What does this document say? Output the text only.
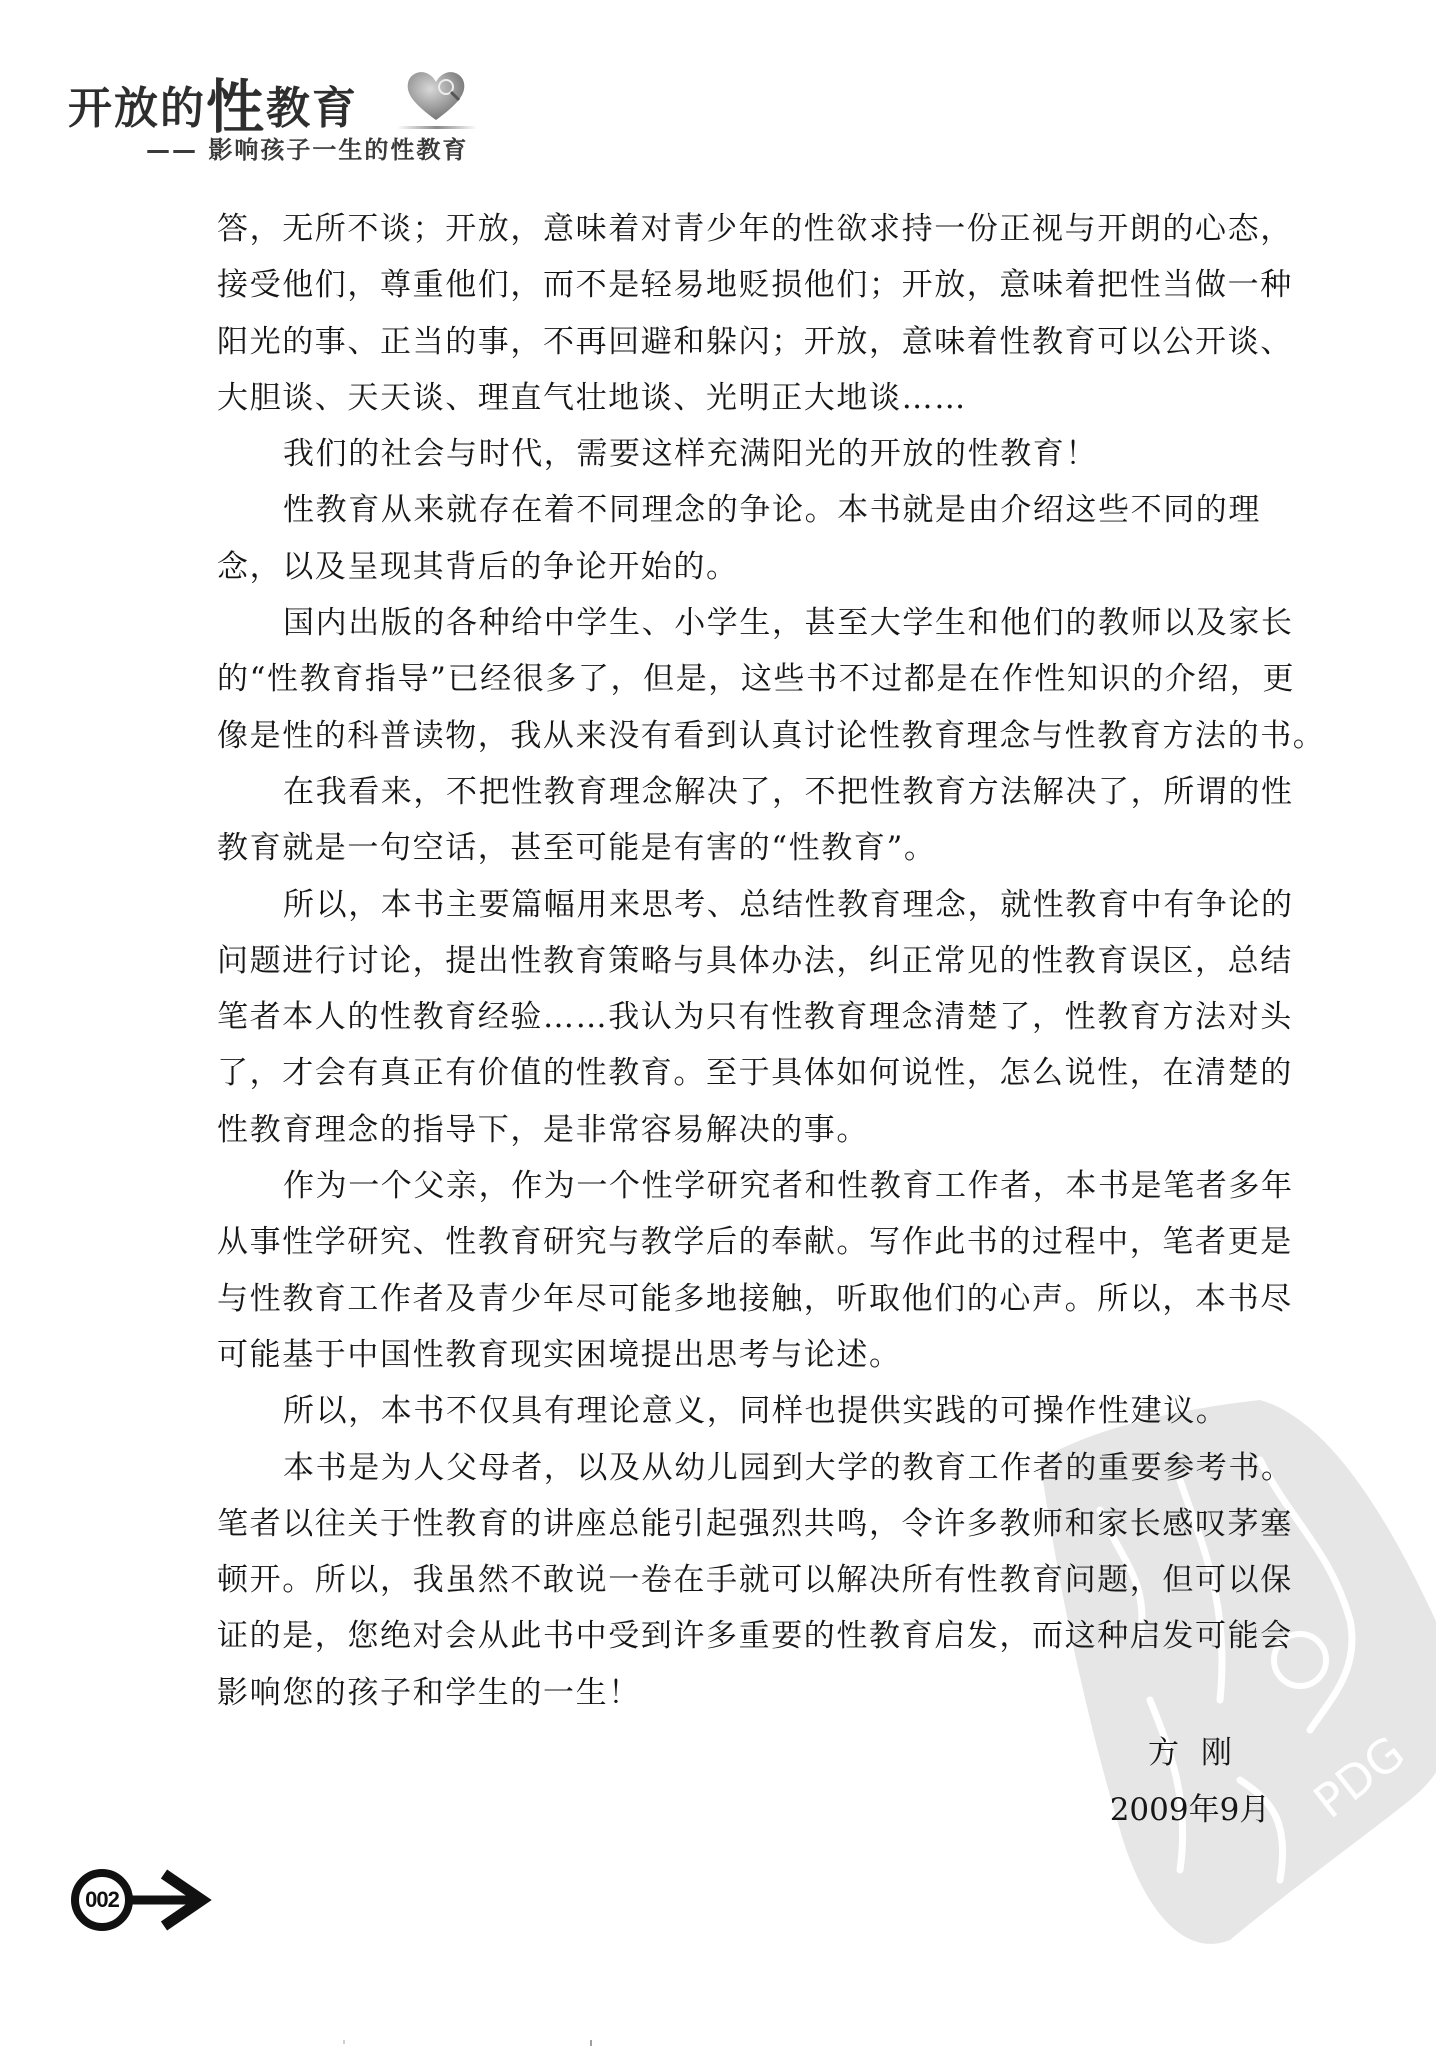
开放的性教育
—— 影响孩子一生的性教育
PDG
答，无所不谈；开放，意味着对青少年的性欲求持一份正视与开朗的心态，
接受他们，尊重他们，而不是轻易地贬损他们；开放，意味着把性当做一种
阳光的事、正当的事，不再回避和躲闪；开放，意味着性教育可以公开谈、
大胆谈、天天谈、理直气壮地谈、光明正大地谈……
我们的社会与时代，需要这样充满阳光的开放的性教育！
性教育从来就存在着不同理念的争论。本书就是由介绍这些不同的理
念，以及呈现其背后的争论开始的。
国内出版的各种给中学生、小学生，甚至大学生和他们的教师以及家长
的“性教育指导”已经很多了，但是，这些书不过都是在作性知识的介绍，更
像是性的科普读物，我从来没有看到认真讨论性教育理念与性教育方法的书。
在我看来，不把性教育理念解决了，不把性教育方法解决了，所谓的性
教育就是一句空话，甚至可能是有害的“性教育”。
所以，本书主要篇幅用来思考、总结性教育理念，就性教育中有争论的
问题进行讨论，提出性教育策略与具体办法，纠正常见的性教育误区，总结
笔者本人的性教育经验……我认为只有性教育理念清楚了，性教育方法对头
了，才会有真正有价值的性教育。至于具体如何说性，怎么说性，在清楚的
性教育理念的指导下，是非常容易解决的事。
作为一个父亲，作为一个性学研究者和性教育工作者，本书是笔者多年
从事性学研究、性教育研究与教学后的奉献。写作此书的过程中，笔者更是
与性教育工作者及青少年尽可能多地接触，听取他们的心声。所以，本书尽
可能基于中国性教育现实困境提出思考与论述。
所以，本书不仅具有理论意义，同样也提供实践的可操作性建议。
本书是为人父母者，以及从幼儿园到大学的教育工作者的重要参考书。
笔者以往关于性教育的讲座总能引起强烈共鸣，令许多教师和家长感叹茅塞
顿开。所以，我虽然不敢说一卷在手就可以解决所有性教育问题，但可以保
证的是，您绝对会从此书中受到许多重要的性教育启发，而这种启发可能会
影响您的孩子和学生的一生！
方刚
2009年9月
002
